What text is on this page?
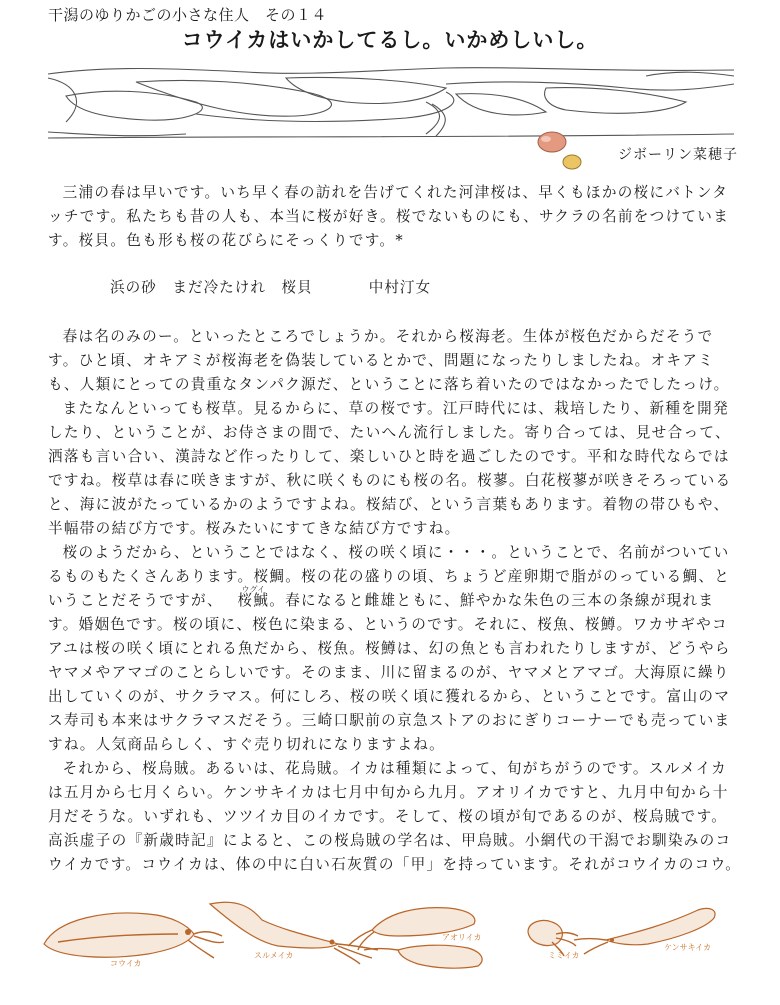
干潟のゆりかごの小さな住人　その１４
コウイカはいかしてるし。いかめしいし。
ジボーリン菜穂子

三浦の春は早いです。いち早く春の訪れを告げてくれた河津桜は、早くもほかの桜にバトンタッチです。私たちも昔の人も、本当に桜が好き。桜でないものにも、サクラの名前をつけています。桜貝。色も形も桜の花びらにそっくりです。*

浜の砂　まだ冷たけれ　桜貝	中村汀女

春は名のみのー。といったところでしょうか。それから桜海老。生体が桜色だからだそうです。ひと頃、オキアミが桜海老を偽装しているとかで、問題になったりしましたね。オキアミも、人類にとっての貴重なタンパク源だ、ということに落ち着いたのではなかったでしたっけ。

またなんといっても桜草。見るからに、草の桜です。江戸時代には、栽培したり、新種を開発したり、ということが、お侍さまの間で、たいへん流行しました。寄り合っては、見せ合って、洒落も言い合い、漢詩など作ったりして、楽しいひと時を過ごしたのです。平和な時代ならではですね。桜草は春に咲きますが、秋に咲くものにも桜の名。桜蓼。白花桜蓼が咲きそろっていると、海に波がたっているかのようですよね。桜結び、という言葉もあります。着物の帯ひもや、半幅帯の結び方です。桜みたいにすてきな結び方ですね。

桜のようだから、ということではなく、桜の咲く頃に・・・。ということで、名前がついているものもたくさんあります。桜鯛。桜の花の盛りの頃、ちょうど産卵期で脂がのっている鯛、ということだそうですが、
ウグイ
桜鯎。春になると雌雄ともに、鮮やかな朱色の三本の条線が現れます。婚姻色です。桜の頃に、桜色に染まる、というのです。それに、桜魚、桜鱒。ワカサギやコアユは桜の咲く頃にとれる魚だから、桜魚。桜鱒は、幻の魚とも言われたりしますが、どうやらヤマメやアマゴのことらしいです。そのまま、川に留まるのが、ヤマメとアマゴ。大海原に繰り出していくのが、サクラマス。何にしろ、桜の咲く頃に獲れるから、ということです。富山のマス寿司も本来はサクラマスだそう。三崎口駅前の京急ストアのおにぎりコーナーでも売っていますね。人気商品らしく、すぐ売り切れになりますよね。

それから、桜烏賊。あるいは、花烏賊。イカは種類によって、旬がちがうのです。スルメイカは五月から七月くらい。ケンサキイカは七月中旬から九月。アオリイカですと、九月中旬から十月だそうな。いずれも、ツツイカ目のイカです。そして、桜の頃が旬であるのが、桜烏賊です。高浜虚子の『新歳時記』によると、この桜烏賊の学名は、甲烏賊。小網代の干潟でお馴染みのコウイカです。コウイカは、体の中に白い石灰質の「甲」を持っています。それがコウイカのコウ。

コウイカ
スルメイカ
アオリイカ
ミミイカ
ケンサキイカ
